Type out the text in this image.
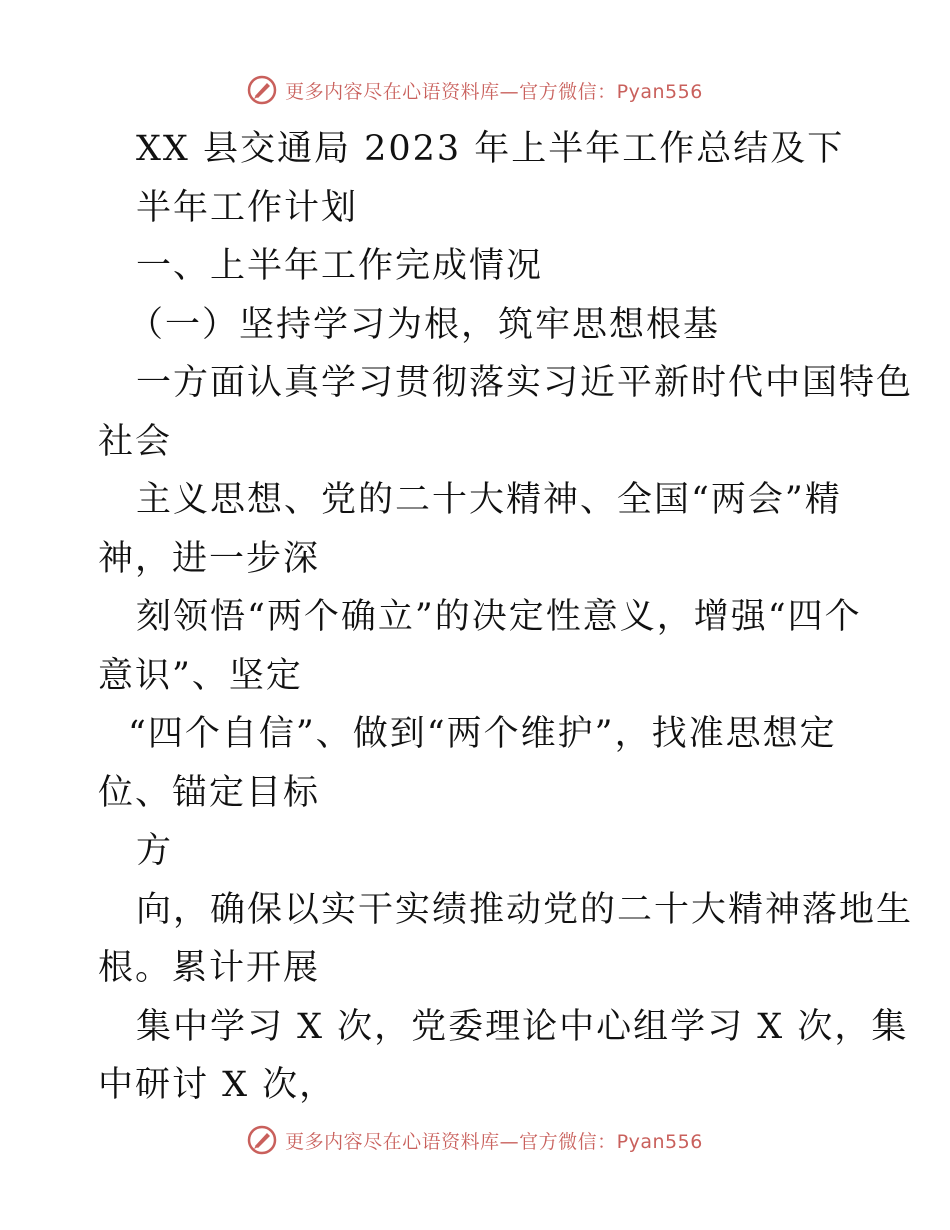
更多内容尽在心语资料库—官方微信：Pyan556
XX 县交通局 2023 年上半年工作总结及下
半年工作计划
一、上半年工作完成情况
（一）坚持学习为根，筑牢思想根基
一方面认真学习贯彻落实习近平新时代中国特色
社会
主义思想、党的二十大精神、全国“两会”精
神，进一步深
刻领悟“两个确立”的决定性意义，增强“四个
意识”、坚定
“四个自信”、做到“两个维护”，找准思想定
位、锚定目标
方
向，确保以实干实绩推动党的二十大精神落地生
根。累计开展
集中学习 X 次，党委理论中心组学习 X 次，集
中研讨 X 次，
更多内容尽在心语资料库—官方微信：Pyan556
